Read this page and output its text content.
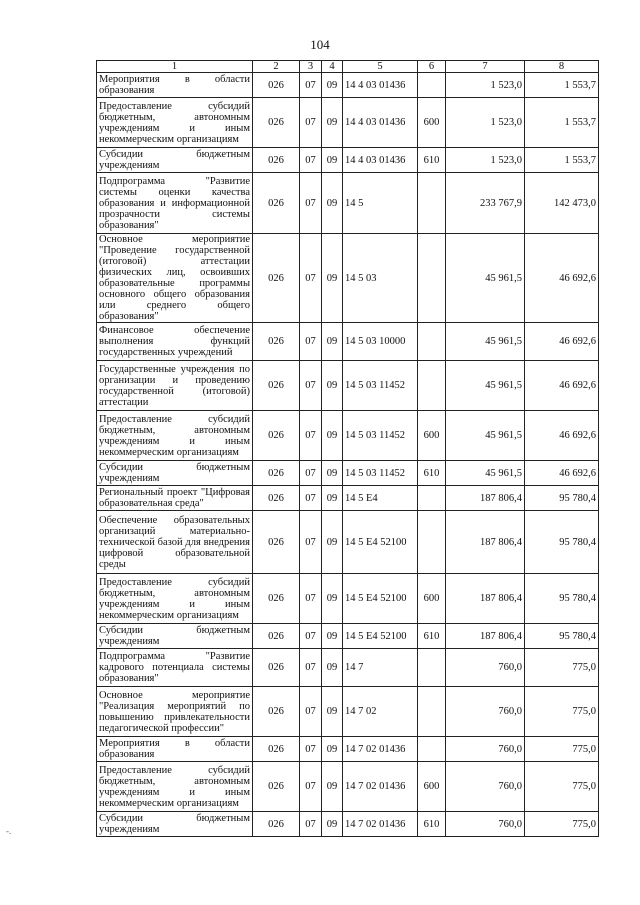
104
1	2	3	4	5	6	7	8
Мероприятия в области образования	026	07	09	14 4 03 01436		1 523,0	1 553,7
Предоставление субсидий бюджетным, автономным учреждениям и иным некоммерческим организациям	026	07	09	14 4 03 01436	600	1 523,0	1 553,7
Субсидии бюджетным учреждениям	026	07	09	14 4 03 01436	610	1 523,0	1 553,7
Подпрограмма "Развитие системы оценки качества образования и информационной прозрачности системы образования"	026	07	09	14 5		233 767,9	142 473,0
Основное мероприятие "Проведение государственной (итоговой) аттестации физических лиц, освоивших образовательные программы основного общего образования или среднего общего образования"	026	07	09	14 5 03		45 961,5	46 692,6
Финансовое обеспечение выполнения функций государственных учреждений	026	07	09	14 5 03 10000		45 961,5	46 692,6
Государственные учреждения по организации и проведению государственной (итоговой) аттестации	026	07	09	14 5 03 11452		45 961,5	46 692,6
Предоставление субсидий бюджетным, автономным учреждениям и иным некоммерческим организациям	026	07	09	14 5 03 11452	600	45 961,5	46 692,6
Субсидии бюджетным учреждениям	026	07	09	14 5 03 11452	610	45 961,5	46 692,6
Региональный проект "Цифровая образовательная среда"	026	07	09	14 5 E4		187 806,4	95 780,4
Обеспечение образовательных организаций материально-технической базой для внедрения цифровой образовательной среды	026	07	09	14 5 E4 52100		187 806,4	95 780,4
Предоставление субсидий бюджетным, автономным учреждениям и иным некоммерческим организациям	026	07	09	14 5 E4 52100	600	187 806,4	95 780,4
Субсидии бюджетным учреждениям	026	07	09	14 5 E4 52100	610	187 806,4	95 780,4
Подпрограмма "Развитие кадрового потенциала системы образования"	026	07	09	14 7		760,0	775,0
Основное мероприятие "Реализация мероприятий по повышению привлекательности педагогической профессии"	026	07	09	14 7 02		760,0	775,0
Мероприятия в области образования	026	07	09	14 7 02 01436		760,0	775,0
Предоставление субсидий бюджетным, автономным учреждениям и иным некоммерческим организациям	026	07	09	14 7 02 01436	600	760,0	775,0
Субсидии бюджетным учреждениям	026	07	09	14 7 02 01436	610	760,0	775,0
-.
